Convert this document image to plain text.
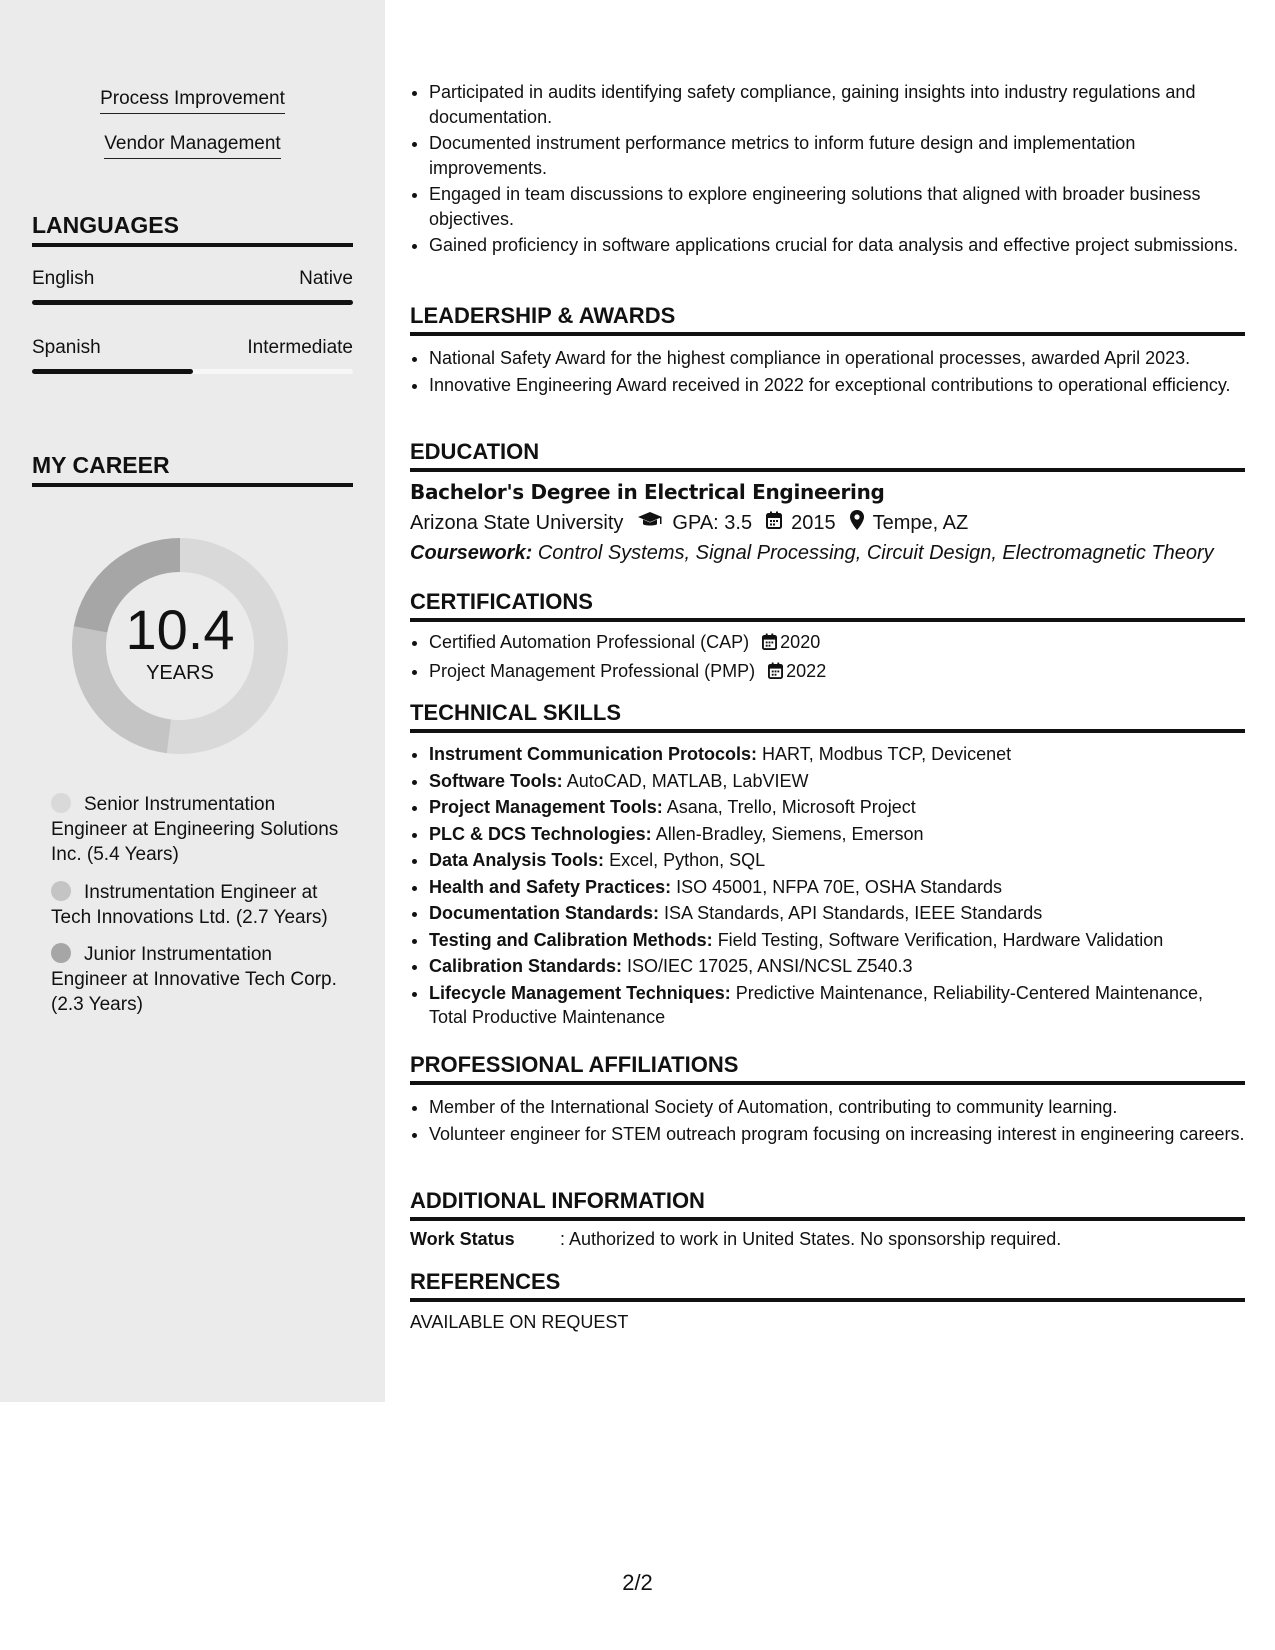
Process Improvement
Vendor Management
LANGUAGES
English	Native
Spanish	Intermediate
MY CAREER
10.4
YEARS
Senior Instrumentation Engineer at Engineering Solutions Inc. (5.4 Years)
Instrumentation Engineer at Tech Innovations Ltd. (2.7 Years)
Junior Instrumentation Engineer at Innovative Tech Corp. (2.3 Years)
• Participated in audits identifying safety compliance, gaining insights into industry regulations and documentation.
• Documented instrument performance metrics to inform future design and implementation improvements.
• Engaged in team discussions to explore engineering solutions that aligned with broader business objectives.
• Gained proficiency in software applications crucial for data analysis and effective project submissions.
LEADERSHIP & AWARDS
• National Safety Award for the highest compliance in operational processes, awarded April 2023.
• Innovative Engineering Award received in 2022 for exceptional contributions to operational efficiency.
EDUCATION
Bachelor's Degree in Electrical Engineering
Arizona State University GPA: 3.5 2015 Tempe, AZ
Coursework: Control Systems, Signal Processing, Circuit Design, Electromagnetic Theory
CERTIFICATIONS
• Certified Automation Professional (CAP) 2020
• Project Management Professional (PMP) 2022
TECHNICAL SKILLS
• Instrument Communication Protocols: HART, Modbus TCP, Devicenet
• Software Tools: AutoCAD, MATLAB, LabVIEW
• Project Management Tools: Asana, Trello, Microsoft Project
• PLC & DCS Technologies: Allen-Bradley, Siemens, Emerson
• Data Analysis Tools: Excel, Python, SQL
• Health and Safety Practices: ISO 45001, NFPA 70E, OSHA Standards
• Documentation Standards: ISA Standards, API Standards, IEEE Standards
• Testing and Calibration Methods: Field Testing, Software Verification, Hardware Validation
• Calibration Standards: ISO/IEC 17025, ANSI/NCSL Z540.3
• Lifecycle Management Techniques: Predictive Maintenance, Reliability-Centered Maintenance, Total Productive Maintenance
PROFESSIONAL AFFILIATIONS
• Member of the International Society of Automation, contributing to community learning.
• Volunteer engineer for STEM outreach program focusing on increasing interest in engineering careers.
ADDITIONAL INFORMATION
Work Status	: Authorized to work in United States. No sponsorship required.
REFERENCES
AVAILABLE ON REQUEST
2/2
